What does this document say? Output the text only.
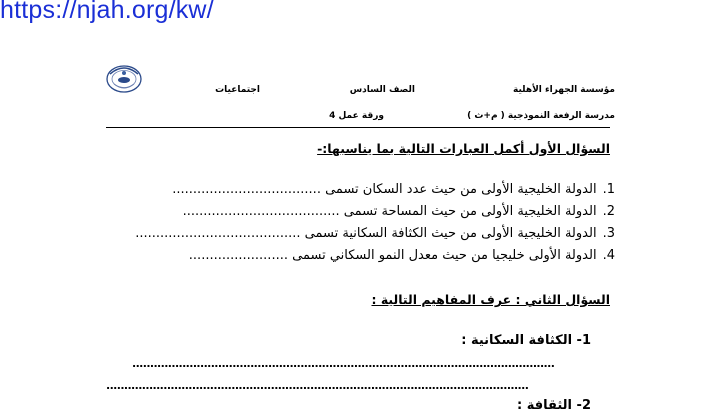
https://njah.org/kw/
مؤسسة الجهراء الأهلية
الصف السادس
اجتماعيات
مدرسة الرفعة النموذجية ( م+ث )
ورقة عمل 4
السؤال الأول أكمل العبارات التالية بما يناسبها:-
1.الدولة الخليجية الأولى من حيث عدد السكان تسمى ....................................
2.الدولة الخليجية الأولى من حيث المساحة تسمى ......................................
3.الدولة الخليجية الأولى من حيث الكثافة السكانية تسمى ........................................
4.الدولة الأولى خليجيا من حيث معدل النمو السكاني تسمى ........................
السؤال الثاني : عرف المفاهيم التالية :
1- الكثافة السكانية :
......................................................................................................................
......................................................................................................................
2- الثقافة :
